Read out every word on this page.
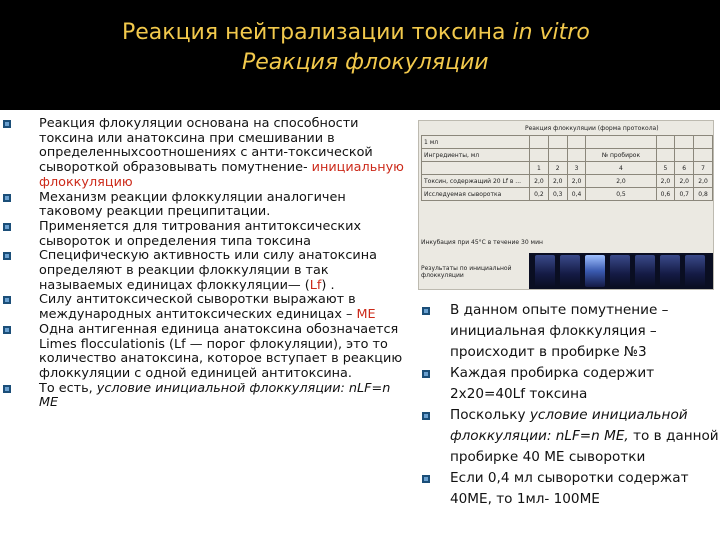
Реакция нейтрализации токсина in vitro
Реакция флокуляции
Реакция флокуляции основана на способности токсина или анатоксина при смешивании в определенныхсоотношениях с анти-токсической сывороткой образовывать помутнение- инициальную флоккуляцию
Механизм реакции флоккуляции аналогичен таковому реакции преципитации.
Применяется для титрования антитоксических сывороток и определения типа токсина
Специфическую активность или силу анатоксина определяют в реакции флоккуляции в так называемых единицах флоккуляции— (Lf) .
Силу антитоксической сыворотки выражают в международных антитоксических единицах – МЕ
Одна антигенная единица анатоксина обозначается Limes flocculationis (Lf — порог флокуляции), это то количество анатоксина, которое вступает в реакцию флоккуляции с одной единицей антитоксина.
То есть, условие инициальной флоккуляции: nLF=n МЕ
Реакция флоккуляции (форма протокола)
1 мл							
Ингредиенты, мл				№ пробирок			
	1	2	3	4	5	6	7
Токсин, содержащий 20 Lf в ...	2,0	2,0	2,0	2,0	2,0	2,0	2,0
Исследуемая сыворотка	0,2	0,3	0,4	0,5	0,6	0,7	0,8
Инкубация при 45°С в течение 30 мин
Результаты по инициальной флоккуляции
В данном опыте помутнение – инициальная флоккуляция – происходит в пробирке №3
Каждая пробирка содержит 2х20=40Lf токсина
Поскольку условие инициальной флоккуляции: nLF=n МЕ, то в данной пробирке 40 МЕ сыворотки
Если 0,4 мл сыворотки содержат 40МЕ, то 1мл- 100МЕ
